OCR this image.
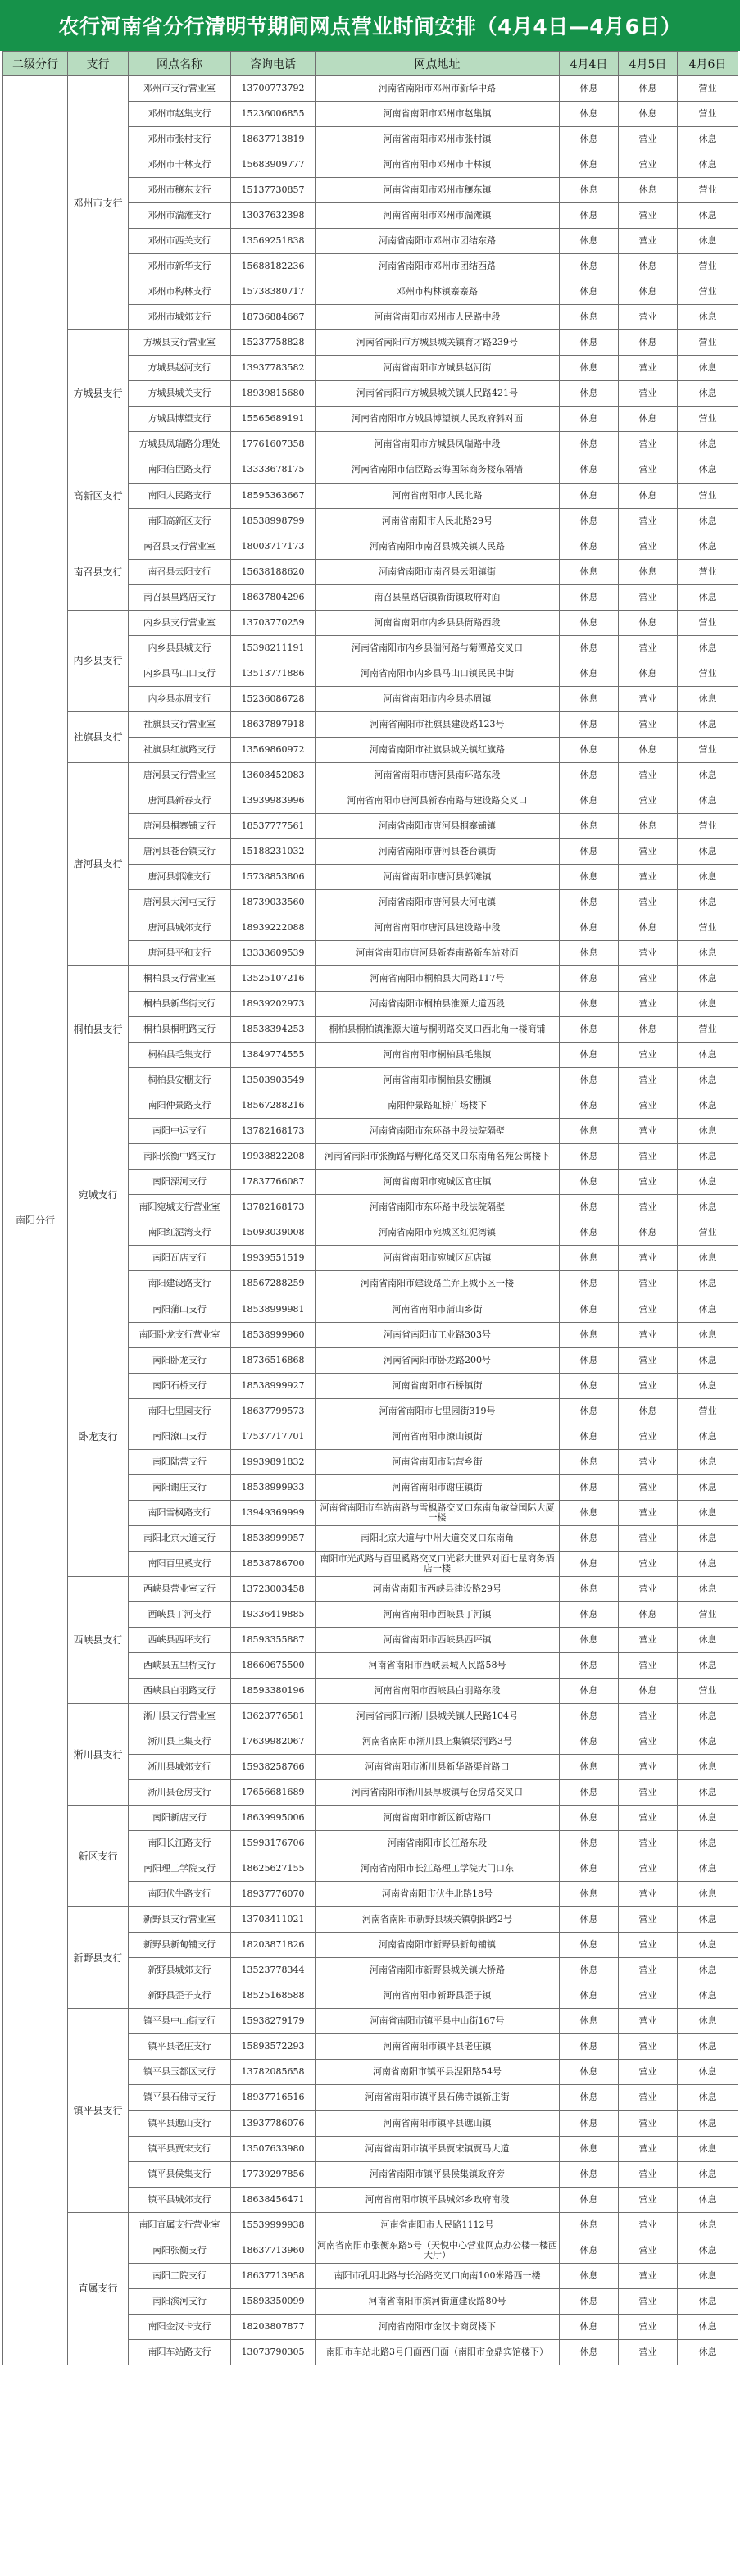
农行河南省分行清明节期间网点营业时间安排（4月4日—4月6日）
二级分行	支行	网点名称	咨询电话	网点地址	4月4日	4月5日	4月6日
南阳分行	邓州市支行	邓州市支行营业室	13700773792	河南省南阳市邓州市新华中路	休息	休息	营业
		邓州市赵集支行	15236006855	河南省南阳市邓州市赵集镇	休息	休息	营业
		邓州市张村支行	18637713819	河南省南阳市邓州市张村镇	休息	营业	休息
		邓州市十林支行	15683909777	河南省南阳市邓州市十林镇	休息	营业	休息
		邓州市穰东支行	15137730857	河南省南阳市邓州市穰东镇	休息	休息	营业
		邓州市湍滩支行	13037632398	河南省南阳市邓州市湍滩镇	休息	营业	休息
		邓州市西关支行	13569251838	河南省南阳市邓州市团结东路	休息	营业	休息
		邓州市新华支行	15688182236	河南省南阳市邓州市团结西路	休息	休息	营业
		邓州市构林支行	15738380717	邓州市构林镇寨寨路	休息	休息	营业
		邓州市城郊支行	18736884667	河南省南阳市邓州市人民路中段	休息	营业	休息
	方城县支行	方城县支行营业室	15237758828	河南省南阳市方城县城关镇育才路239号	休息	休息	营业
		方城县赵河支行	13937783582	河南省南阳市方城县赵河街	休息	营业	休息
		方城县城关支行	18939815680	河南省南阳市方城县城关镇人民路421号	休息	营业	休息
		方城县博望支行	15565689191	河南省南阳市方城县博望镇人民政府斜对面	休息	休息	营业
		方城县凤瑞路分理处	17761607358	河南省南阳市方城县凤瑞路中段	休息	营业	休息
	高新区支行	南阳信臣路支行	13333678175	河南省南阳市信臣路云海国际商务楼东隔墙	休息	营业	休息
		南阳人民路支行	18595363667	河南省南阳市人民北路	休息	休息	营业
		南阳高新区支行	18538998799	河南省南阳市人民北路29号	休息	营业	休息
	南召县支行	南召县支行营业室	18003717173	河南省南阳市南召县城关镇人民路	休息	营业	休息
		南召县云阳支行	15638188620	河南省南阳市南召县云阳镇街	休息	休息	营业
		南召县皇路店支行	18637804296	南召县皇路店镇新街镇政府对面	休息	营业	休息
	内乡县支行	内乡县支行营业室	13703770259	河南省南阳市内乡县县衙路西段	休息	休息	营业
		内乡县县城支行	15398211191	河南省南阳市内乡县湍河路与菊潭路交叉口	休息	营业	休息
		内乡县马山口支行	13513771886	河南省南阳市内乡县马山口镇民民中街	休息	休息	营业
		内乡县赤眉支行	15236086728	河南省南阳市内乡县赤眉镇	休息	营业	休息
	社旗县支行	社旗县支行营业室	18637897918	河南省南阳市社旗县建设路123号	休息	营业	休息
		社旗县红旗路支行	13569860972	河南省南阳市社旗县城关镇红旗路	休息	休息	营业
	唐河县支行	唐河县支行营业室	13608452083	河南省南阳市唐河县南环路东段	休息	营业	休息
		唐河县新春支行	13939983996	河南省南阳市唐河县新春南路与建设路交叉口	休息	营业	休息
		唐河县桐寨铺支行	18537777561	河南省南阳市唐河县桐寨铺镇	休息	休息	营业
		唐河县苍台镇支行	15188231032	河南省南阳市唐河县苍台镇街	休息	营业	休息
		唐河县郭滩支行	15738853806	河南省南阳市唐河县郭滩镇	休息	营业	休息
		唐河县大河屯支行	18739033560	河南省南阳市唐河县大河屯镇	休息	营业	休息
		唐河县城郊支行	18939222088	河南省南阳市唐河县建设路中段	休息	休息	营业
		唐河县平和支行	13333609539	河南省南阳市唐河县新春南路新车站对面	休息	营业	休息
	桐柏县支行	桐柏县支行营业室	13525107216	河南省南阳市桐柏县大同路117号	休息	营业	休息
		桐柏县新华街支行	18939202973	河南省南阳市桐柏县淮源大道西段	休息	营业	休息
		桐柏县桐明路支行	18538394253	桐柏县桐柏镇淮源大道与桐明路交叉口西北角一楼商铺	休息	休息	营业
		桐柏县毛集支行	13849774555	河南省南阳市桐柏县毛集镇	休息	营业	休息
		桐柏县安棚支行	13503903549	河南省南阳市桐柏县安棚镇	休息	营业	休息
	宛城支行	南阳仲景路支行	18567288216	南阳仲景路虹桥广场楼下	休息	营业	休息
		南阳中运支行	13782168173	河南省南阳市东环路中段法院隔壁	休息	营业	休息
		南阳张衡中路支行	19938822208	河南省南阳市张衡路与孵化路交叉口东南角名苑公寓楼下	休息	营业	休息
		南阳溧河支行	17837766087	河南省南阳市宛城区官庄镇	休息	营业	休息
		南阳宛城支行营业室	13782168173	河南省南阳市东环路中段法院隔壁	休息	营业	休息
		南阳红泥湾支行	15093039008	河南省南阳市宛城区红泥湾镇	休息	休息	营业
		南阳瓦店支行	19939551519	河南省南阳市宛城区瓦店镇	休息	营业	休息
		南阳建设路支行	18567288259	河南省南阳市建设路兰乔上城小区一楼	休息	营业	休息
	卧龙支行	南阳蒲山支行	18538999981	河南省南阳市蒲山乡街	休息	营业	休息
		南阳卧龙支行营业室	18538999960	河南省南阳市工业路303号	休息	营业	休息
		南阳卧龙支行	18736516868	河南省南阳市卧龙路200号	休息	营业	休息
		南阳石桥支行	18538999927	河南省南阳市石桥镇街	休息	营业	休息
		南阳七里园支行	18637799573	河南省南阳市七里园街319号	休息	休息	营业
		南阳潦山支行	17537717701	河南省南阳市潦山镇街	休息	营业	休息
		南阳陆营支行	19939891832	河南省南阳市陆营乡街	休息	营业	休息
		南阳谢庄支行	18538999933	河南省南阳市谢庄镇街	休息	营业	休息
		南阳雪枫路支行	13949369999	河南省南阳市车站南路与雪枫路交叉口东南角敏益国际大厦一楼	休息	营业	休息
		南阳北京大道支行	18538999957	南阳北京大道与中州大道交叉口东南角	休息	营业	休息
		南阳百里奚支行	18538786700	南阳市光武路与百里奚路交叉口光彩大世界对面七星商务酒店一楼	休息	营业	休息
	西峡县支行	西峡县营业室支行	13723003458	河南省南阳市西峡县建设路29号	休息	营业	休息
		西峡县丁河支行	19336419885	河南省南阳市西峡县丁河镇	休息	休息	营业
		西峡县西坪支行	18593355887	河南省南阳市西峡县西坪镇	休息	营业	休息
		西峡县五里桥支行	18660675500	河南省南阳市西峡县城人民路58号	休息	营业	休息
		西峡县白羽路支行	18593380196	河南省南阳市西峡县白羽路东段	休息	休息	营业
	淅川县支行	淅川县支行营业室	13623776581	河南省南阳市淅川县城关镇人民路104号	休息	营业	休息
		淅川县上集支行	17639982067	河南省南阳市淅川县上集镇渠河路3号	休息	营业	休息
		淅川县城郊支行	15938258766	河南省南阳市淅川县新华路渠首路口	休息	营业	休息
		淅川县仓房支行	17656681689	河南省南阳市淅川县厚坡镇与仓房路交叉口	休息	营业	休息
	新区支行	南阳新店支行	18639995006	河南省南阳市新区新店路口	休息	营业	休息
		南阳长江路支行	15993176706	河南省南阳市长江路东段	休息	营业	休息
		南阳理工学院支行	18625627155	河南省南阳市长江路理工学院大门口东	休息	营业	休息
		南阳伏牛路支行	18937776070	河南省南阳市伏牛北路18号	休息	营业	休息
	新野县支行	新野县支行营业室	13703411021	河南省南阳市新野县城关镇朝阳路2号	休息	营业	休息
		新野县新甸铺支行	18203871826	河南省南阳市新野县新甸铺镇	休息	营业	休息
		新野县城郊支行	13523778344	河南省南阳市新野县城关镇大桥路	休息	营业	休息
		新野县歪子支行	18525168588	河南省南阳市新野县歪子镇	休息	营业	休息
	镇平县支行	镇平县中山街支行	15938279179	河南省南阳市镇平县中山街167号	休息	营业	休息
		镇平县老庄支行	15893572293	河南省南阳市镇平县老庄镇	休息	营业	休息
		镇平县玉都区支行	13782085658	河南省南阳市镇平县涅阳路54号	休息	营业	休息
		镇平县石佛寺支行	18937716516	河南省南阳市镇平县石佛寺镇新庄街	休息	营业	休息
		镇平县遮山支行	13937786076	河南省南阳市镇平县遮山镇	休息	营业	休息
		镇平县贾宋支行	13507633980	河南省南阳市镇平县贾宋镇贾马大道	休息	营业	休息
		镇平县侯集支行	17739297856	河南省南阳市镇平县侯集镇政府旁	休息	营业	休息
		镇平县城郊支行	18638456471	河南省南阳市镇平县城郊乡政府南段	休息	营业	休息
	直属支行	南阳直属支行营业室	15539999938	河南省南阳市人民路1112号	休息	营业	休息
		南阳张衡支行	18637713960	河南省南阳市张衡东路5号（天悦中心营业网点办公楼一楼西大厅）	休息	营业	休息
		南阳工院支行	18637713958	南阳市孔明北路与长治路交叉口向南100米路西一楼	休息	营业	休息
		南阳滨河支行	15893350099	河南省南阳市滨河街道建设路80号	休息	营业	休息
		南阳金汉卡支行	18203807877	河南省南阳市金汉卡商贸楼下	休息	营业	休息
		南阳车站路支行	13073790305	南阳市车站北路3号门面西门面（南阳市金鼎宾馆楼下）	休息	营业	休息
